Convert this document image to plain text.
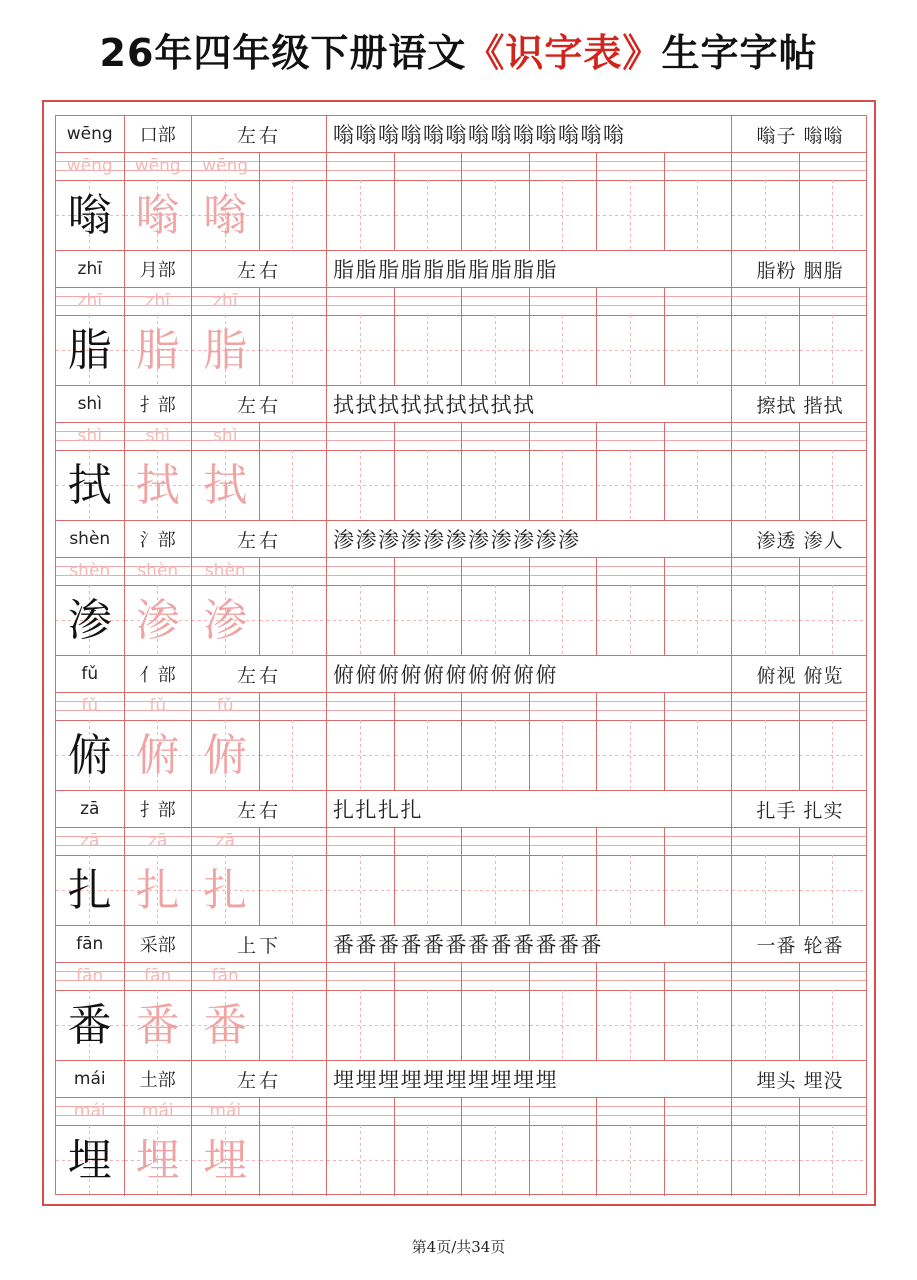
26年四年级下册语文《识字表》生字字帖
wēng	口部	左右	嗡嗡嗡嗡嗡嗡嗡嗡嗡嗡嗡嗡嗡	嗡子 嗡嗡
wēng	wēng	wēng
嗡 嗡 嗡
zhī	月部	左右	脂脂脂脂脂脂脂脂脂脂	脂粉 胭脂
zhī	zhī	zhī
脂 脂 脂
shì	扌部	左右	拭拭拭拭拭拭拭拭拭	擦拭 揩拭
shì	shì	shì
拭 拭 拭
shèn	氵部	左右	渗渗渗渗渗渗渗渗渗渗渗	渗透 渗人
shèn	shèn	shèn
渗 渗 渗
fǔ	亻部	左右	俯俯俯俯俯俯俯俯俯俯	俯视 俯览
fǔ	fǔ	fǔ
俯 俯 俯
zā	扌部	左右	扎扎扎扎	扎手 扎实
zā	zā	zā
扎 扎 扎
fān	采部	上下	番番番番番番番番番番番番	一番 轮番
fān	fān	fān
番 番 番
mái	土部	左右	埋埋埋埋埋埋埋埋埋埋	埋头 埋没
mái	mái	mái
埋 埋 埋
第4页/共34页
